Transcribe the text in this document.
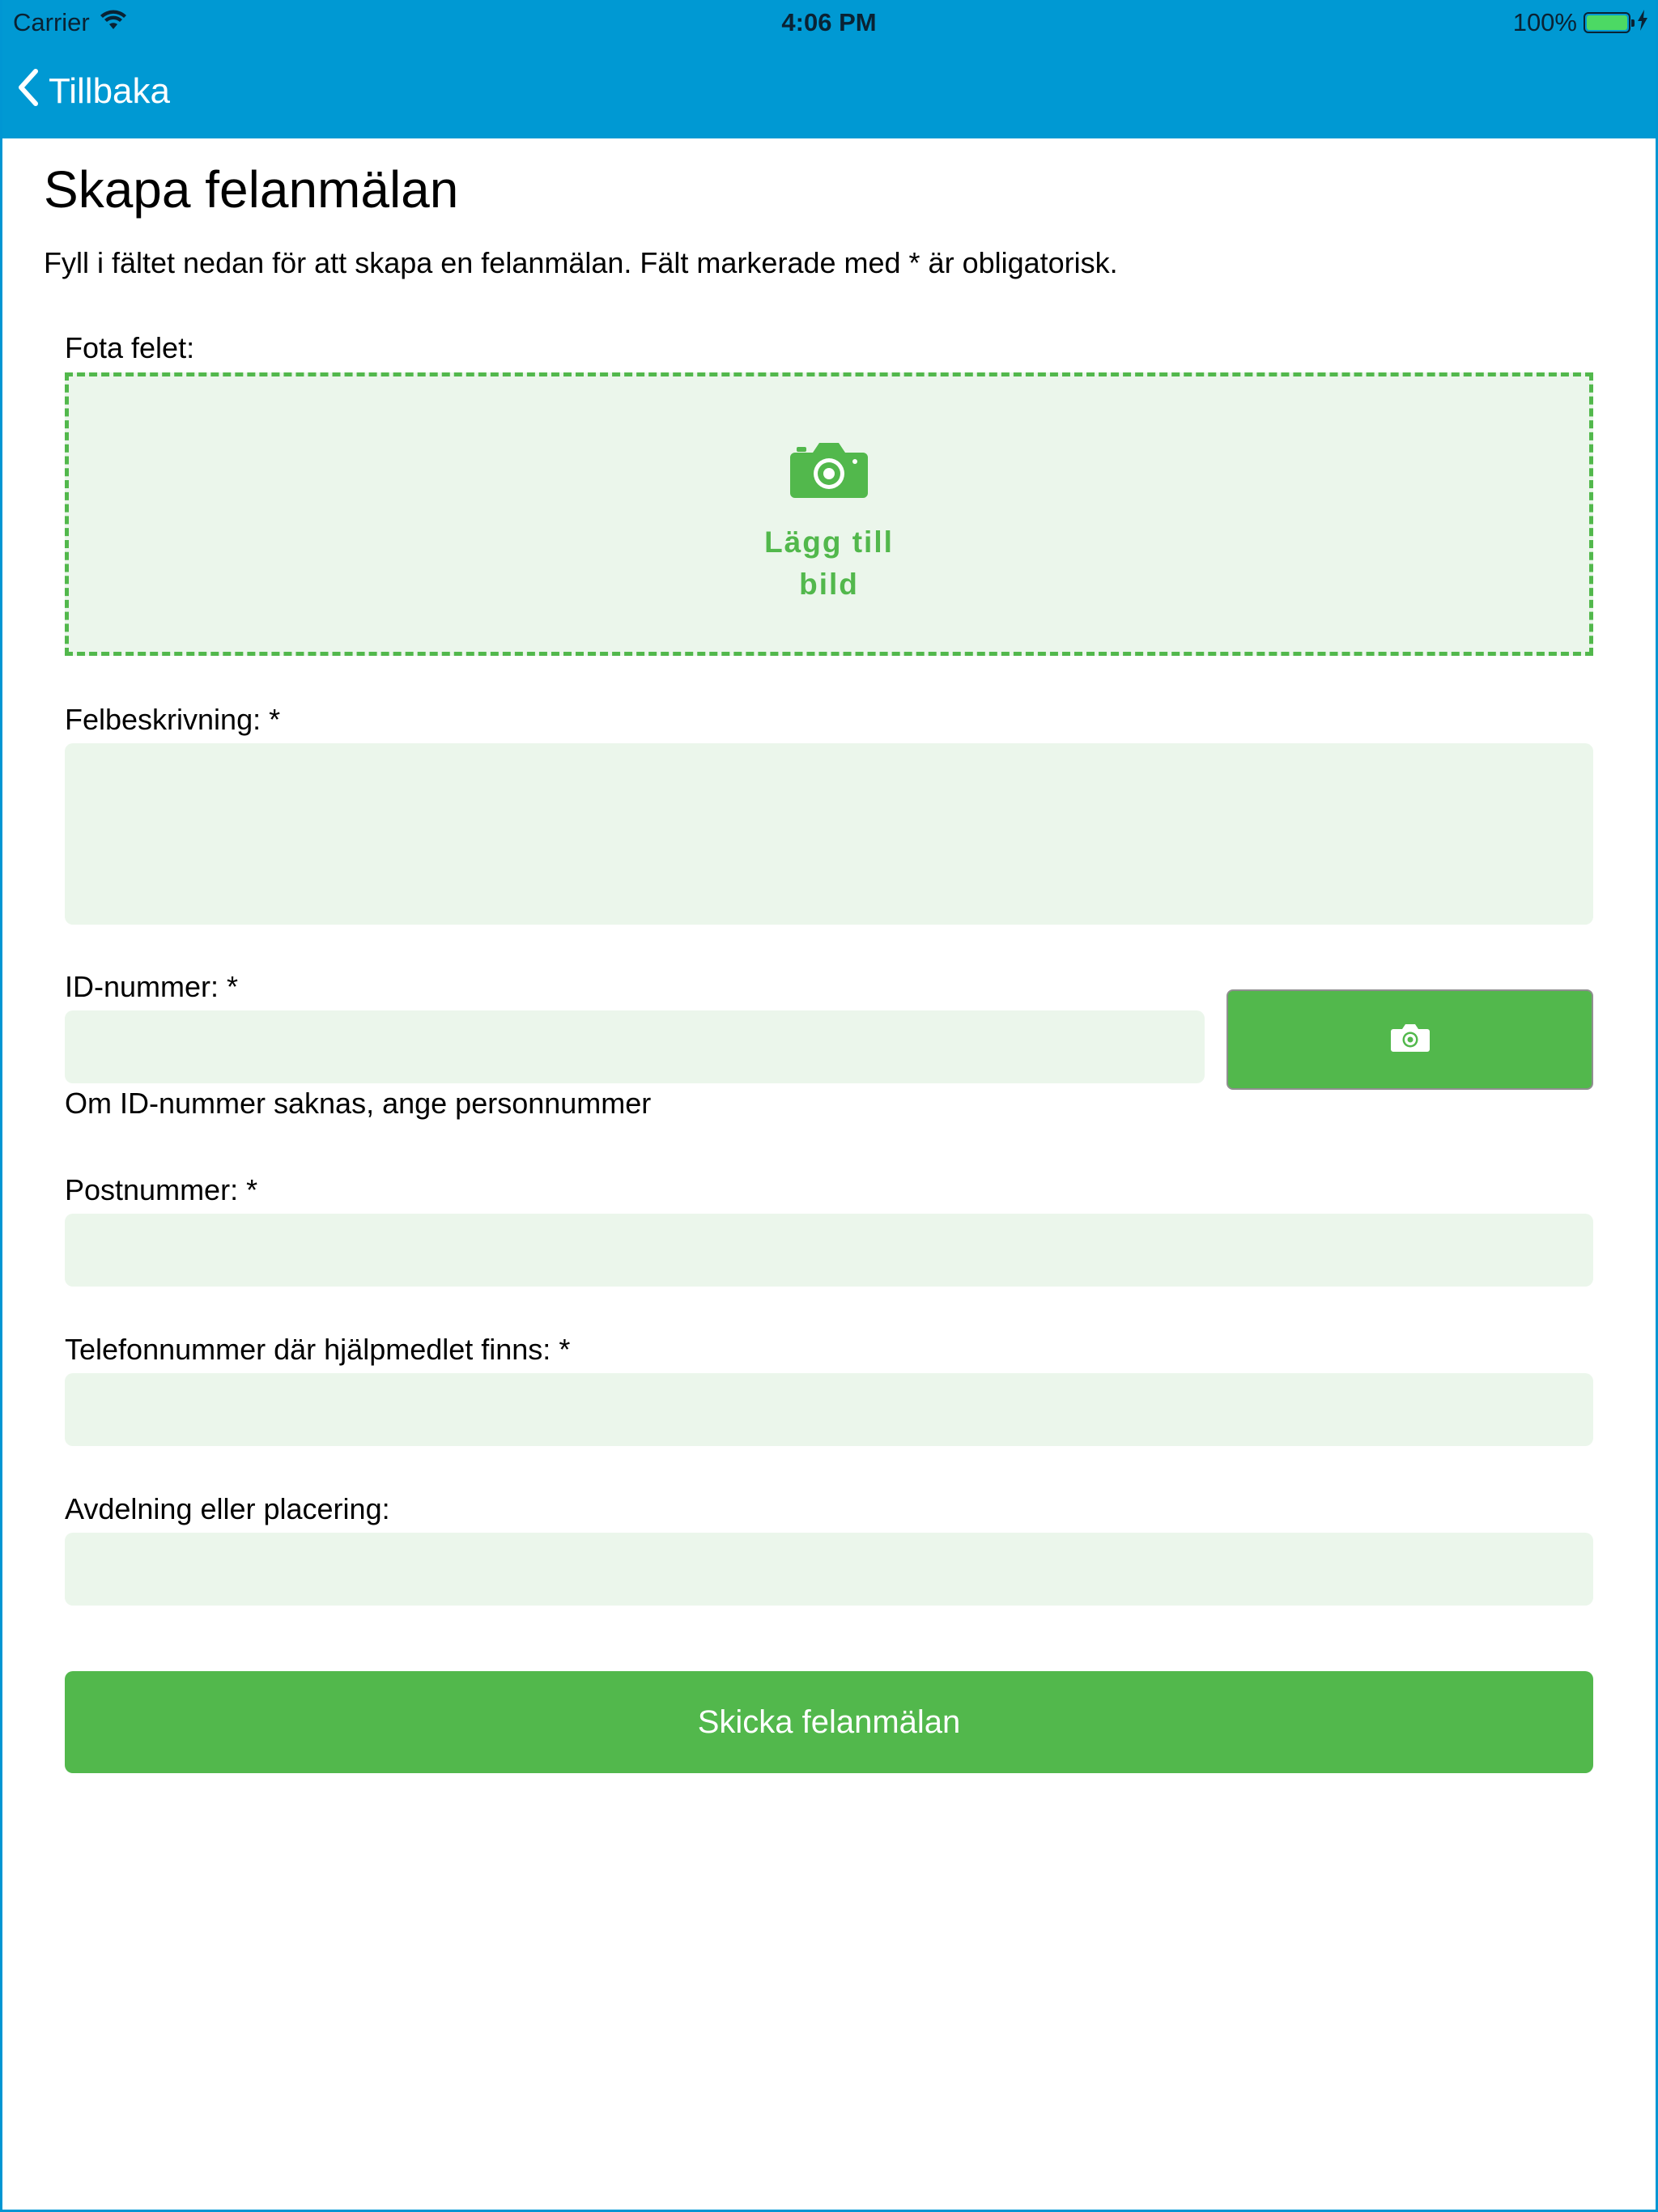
Carrier	4:06 PM	100%
Tillbaka
Skapa felanmälan
Fyll i fältet nedan för att skapa en felanmälan. Fält markerade med * är obligatorisk.
Fota felet:
Lägg till
bild
Felbeskrivning: *
ID-nummer: *
Om ID-nummer saknas, ange personnummer
Postnummer: *
Telefonnummer där hjälpmedlet finns: *
Avdelning eller placering:
Skicka felanmälan
